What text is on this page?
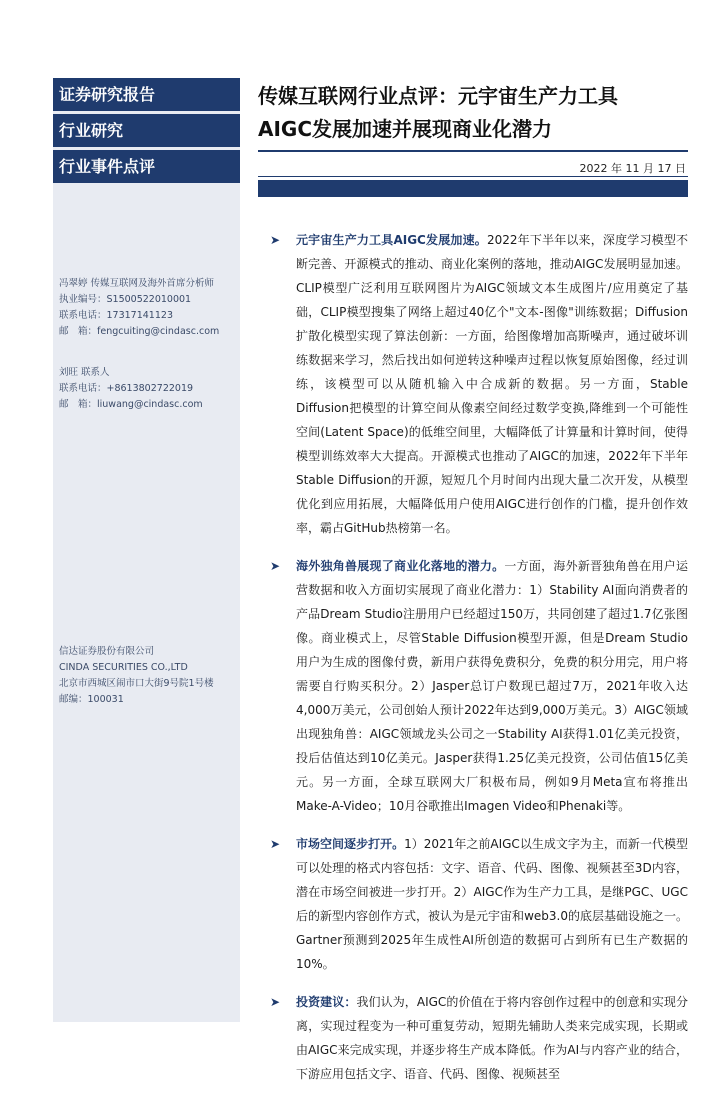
证券研究报告
行业研究
行业事件点评
冯翠婷 传媒互联网及海外首席分析师
执业编号：S1500522010001
联系电话：17317141123
邮　箱：fengcuiting@cindasc.com
刘旺 联系人
联系电话：+8613802722019
邮　箱：liuwang@cindasc.com
信达证券股份有限公司
CINDA SECURITIES CO.,LTD
北京市西城区闹市口大街9号院1号楼
邮编：100031
传媒互联网行业点评：元宇宙生产力工具
AIGC发展加速并展现商业化潜力
2022 年 11 月 17 日
➤ 元宇宙生产力工具AIGC发展加速。2022年下半年以来，深度学习模型不断完善、开源模式的推动、商业化案例的落地，推动AIGC发展明显加速。CLIP模型广泛利用互联网图片为AIGC领域文本生成图片/应用奠定了基础，CLIP模型搜集了网络上超过40亿个"文本-图像"训练数据；Diffusion扩散化模型实现了算法创新：一方面，给图像增加高斯噪声，通过破坏训练数据来学习，然后找出如何逆转这种噪声过程以恢复原始图像，经过训练，该模型可以从随机输入中合成新的数据。另一方面，Stable Diffusion把模型的计算空间从像素空间经过数学变换,降维到一个可能性空间(Latent Space)的低维空间里，大幅降低了计算量和计算时间，使得模型训练效率大大提高。开源模式也推动了AIGC的加速，2022年下半年Stable Diffusion的开源，短短几个月时间内出现大量二次开发，从模型优化到应用拓展，大幅降低用户使用AIGC进行创作的门槛，提升创作效率，霸占GitHub热榜第一名。
➤ 海外独角兽展现了商业化落地的潜力。一方面，海外新晋独角兽在用户运营数据和收入方面切实展现了商业化潜力：1）Stability AI面向消费者的产品Dream Studio注册用户已经超过150万，共同创建了超过1.7亿张图像。商业模式上，尽管Stable Diffusion模型开源，但是Dream Studio用户为生成的图像付费，新用户获得免费积分，免费的积分用完，用户将需要自行购买积分。2）Jasper总订户数现已超过7万，2021年收入达4,000万美元，公司创始人预计2022年达到9,000万美元。3）AIGC领域出现独角兽：AIGC领域龙头公司之一Stability AI获得1.01亿美元投资，投后估值达到10亿美元。Jasper获得1.25亿美元投资，公司估值15亿美元。另一方面，全球互联网大厂积极布局，例如9月Meta宣布将推出Make-A-Video；10月谷歌推出Imagen Video和Phenaki等。
➤ 市场空间逐步打开。1）2021年之前AIGC以生成文字为主，而新一代模型可以处理的格式内容包括：文字、语音、代码、图像、视频甚至3D内容，潜在市场空间被进一步打开。2）AIGC作为生产力工具，是继PGC、UGC后的新型内容创作方式，被认为是元宇宙和web3.0的底层基础设施之一。Gartner预测到2025年生成性AI所创造的数据可占到所有已生产数据的10%。
➤ 投资建议：我们认为，AIGC的价值在于将内容创作过程中的创意和实现分离，实现过程变为一种可重复劳动，短期先辅助人类来完成实现，长期或由AIGC来完成实现，并逐步将生产成本降低。作为AI与内容产业的结合，下游应用包括文字、语音、代码、图像、视频甚至
